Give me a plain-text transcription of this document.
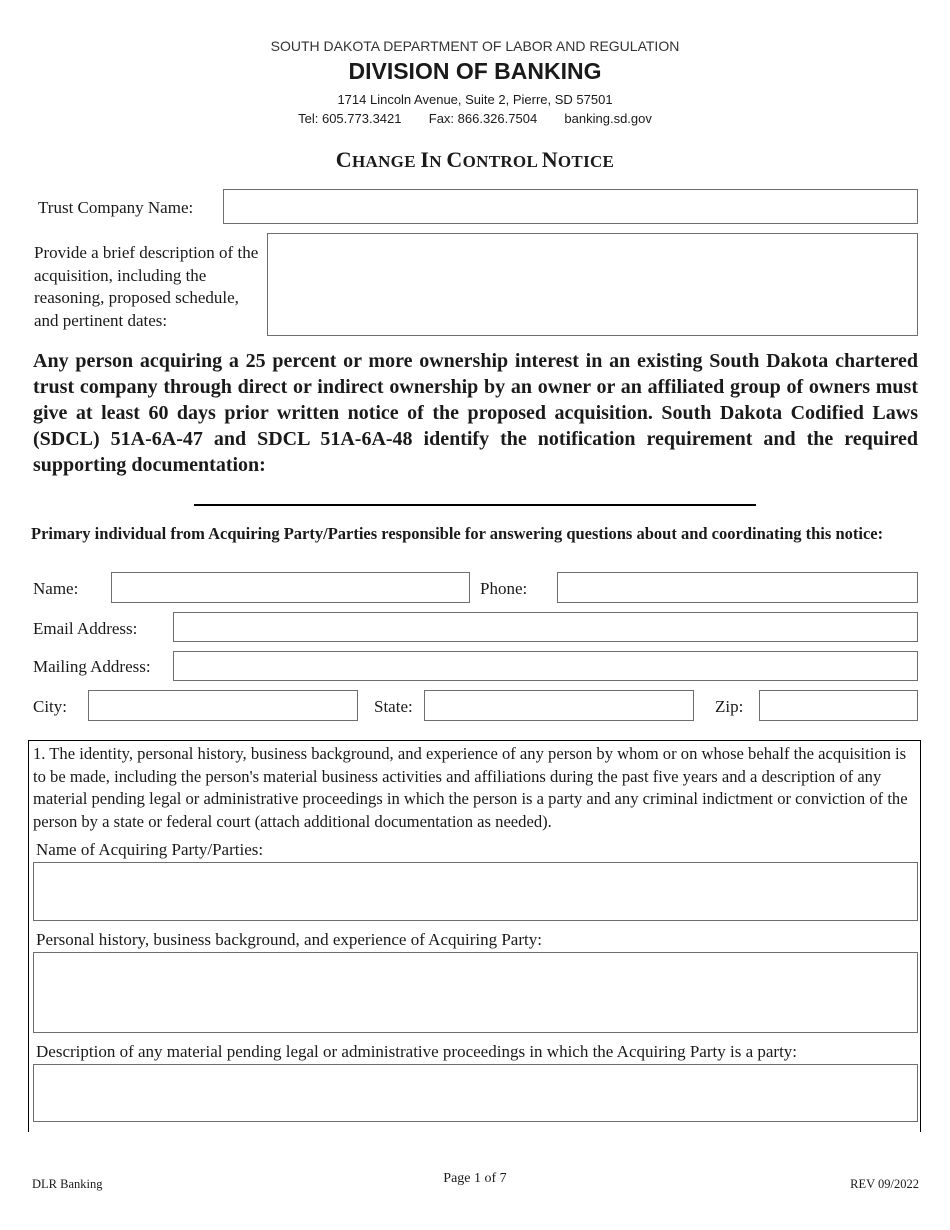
SOUTH DAKOTA DEPARTMENT OF LABOR AND REGULATION
DIVISION OF BANKING
1714 Lincoln Avenue, Suite 2, Pierre, SD 57501
Tel: 605.773.3421 Fax: 866.326.7504 banking.sd.gov
CHANGE IN CONTROL NOTICE
Trust Company Name:
Provide a brief description of the acquisition, including the reasoning, proposed schedule, and pertinent dates:
Any person acquiring a 25 percent or more ownership interest in an existing South Dakota chartered trust company through direct or indirect ownership by an owner or an affiliated group of owners must give at least 60 days prior written notice of the proposed acquisition. South Dakota Codified Laws (SDCL) 51A-6A-47 and SDCL 51A-6A-48 identify the notification requirement and the required supporting documentation:
Primary individual from Acquiring Party/Parties responsible for answering questions about and coordinating this notice:
Name:	Phone:
Email Address:
Mailing Address:
City:	State:	Zip:
1. The identity, personal history, business background, and experience of any person by whom or on whose behalf the acquisition is to be made, including the person's material business activities and affiliations during the past five years and a description of any material pending legal or administrative proceedings in which the person is a party and any criminal indictment or conviction of the person by a state or federal court (attach additional documentation as needed).
Name of Acquiring Party/Parties:
Personal history, business background, and experience of Acquiring Party:
Description of any material pending legal or administrative proceedings in which the Acquiring Party is a party:
DLR Banking	Page 1 of 7	REV 09/2022
